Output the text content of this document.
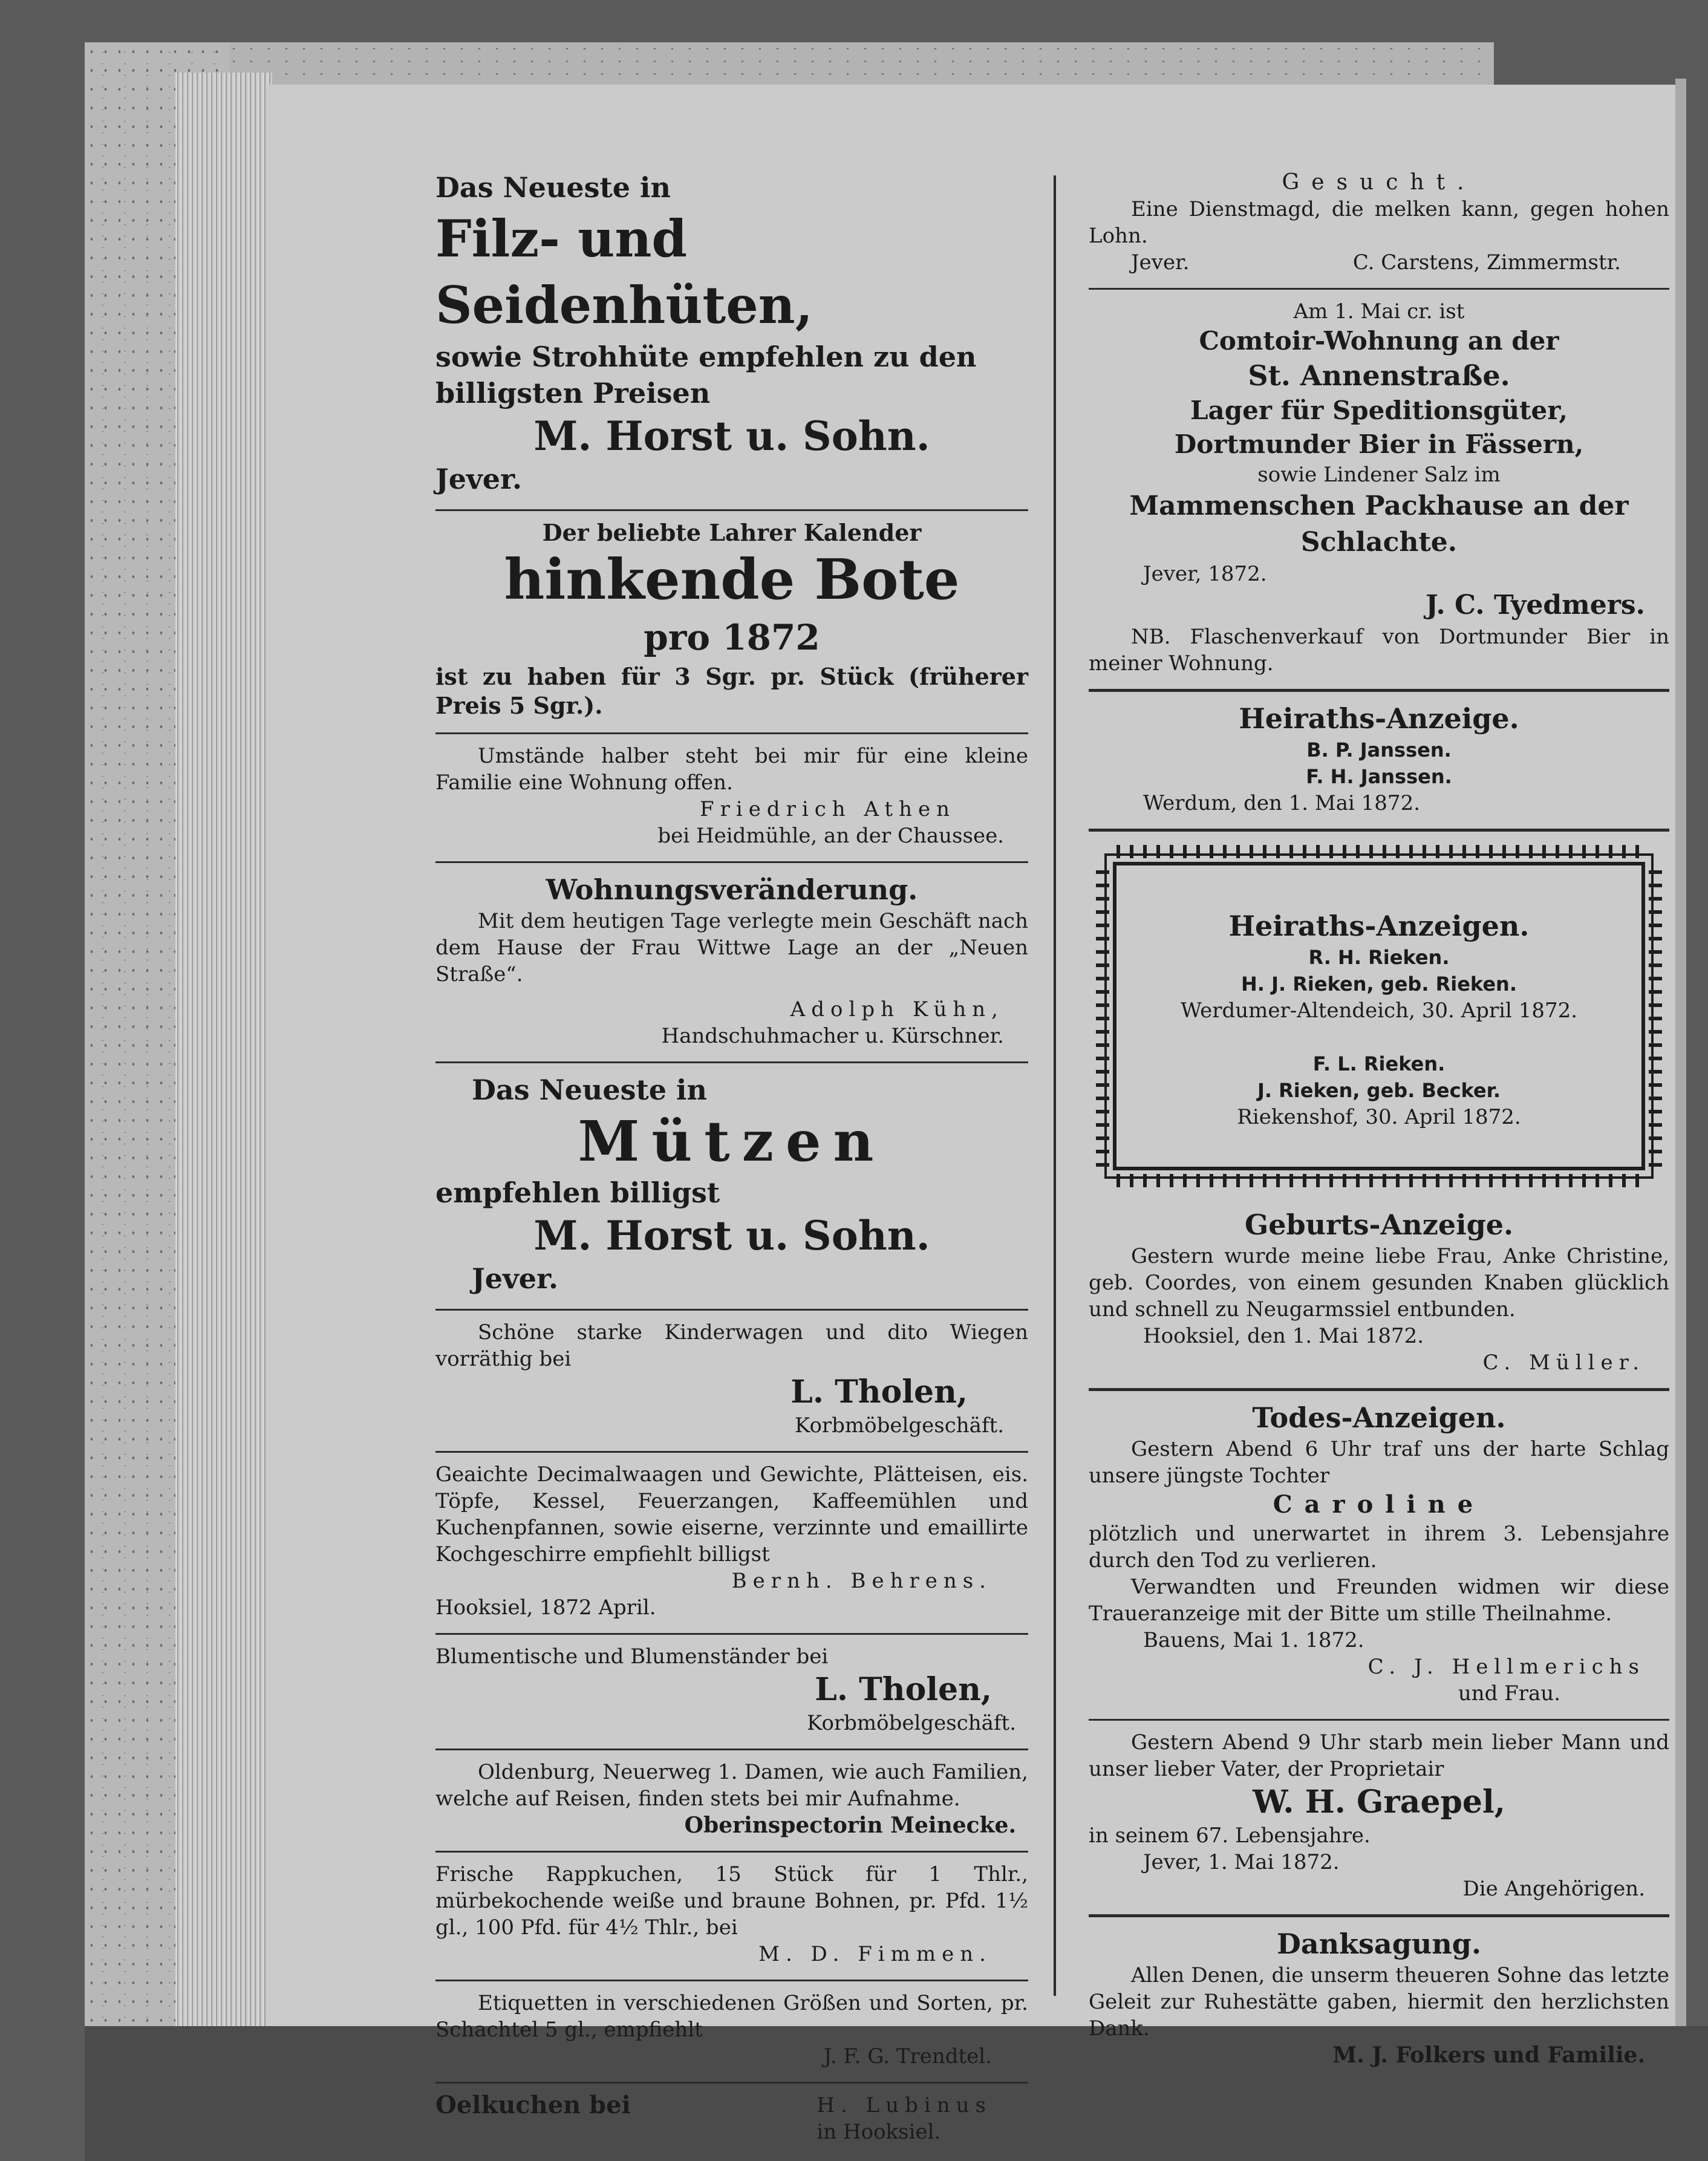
Das Neueste in
Filz- und Seidenhüten,
sowie Strohhüte empfehlen zu den
billigsten Preisen
M. Horst u. Sohn.
Jever.
Der beliebte Lahrer Kalender
hinkende Bote
pro 1872
ist zu haben für 3 Sgr. pr. Stück (früherer Preis 5 Sgr.).
Umstände halber steht bei mir für eine kleine Familie eine Wohnung offen.
Friedrich Athen
bei Heidmühle, an der Chaussee.
Wohnungsveränderung.
Mit dem heutigen Tage verlegte mein Geschäft nach dem Hause der Frau Wittwe Lage an der „Neuen Straße“.
Adolph Kühn,
Handschuhmacher u. Kürschner.
Das Neueste in
Mützen
empfehlen billigst
M. Horst u. Sohn.
Jever.
Schöne starke Kinderwagen und dito Wiegen vorräthig bei
L. Tholen,
Korbmöbelgeschäft.
Geaichte Decimalwaagen und Gewichte, Plätteisen, eis. Töpfe, Kessel, Feuerzangen, Kaffeemühlen und Kuchenpfannen, sowie eiserne, verzinnte und emaillirte Kochgeschirre empfiehlt billigst
Bernh. Behrens.
Hooksiel, 1872 April.
Blumentische und Blumenständer bei
L. Tholen,
Korbmöbelgeschäft.
Oldenburg, Neuerweg 1. Damen, wie auch Familien, welche auf Reisen, finden stets bei mir Aufnahme.
Oberinspectorin Meinecke.
Frische Rappkuchen, 15 Stück für 1 Thlr., mürbekochende weiße und braune Bohnen, pr. Pfd. 1½ gl., 100 Pfd. für 4½ Thlr., bei
M. D. Fimmen.
Etiquetten in verschiedenen Größen und Sorten, pr. Schachtel 5 gl., empfiehlt
J. F. G. Trendtel.
Oelkuchen bei	H. Lubinus
in Hooksiel.
Gesucht.
Eine Dienstmagd, die melken kann, gegen hohen Lohn.
Jever.	C. Carstens, Zimmermstr.
Am 1. Mai cr. ist
Comtoir-Wohnung an der
St. Annenstraße.
Lager für Speditionsgüter,
Dortmunder Bier in Fässern,
sowie Lindener Salz im
Mammenschen Packhause an der
Schlachte.
Jever, 1872.
J. C. Tyedmers.
NB. Flaschenverkauf von Dortmunder Bier in meiner Wohnung.
Heiraths-Anzeige.
B. P. Janssen.
F. H. Janssen.
Werdum, den 1. Mai 1872.
Heiraths-Anzeigen.
R. H. Rieken.
H. J. Rieken, geb. Rieken.
Werdumer-Altendeich, 30. April 1872.
F. L. Rieken.
J. Rieken, geb. Becker.
Riekenshof, 30. April 1872.
Geburts-Anzeige.
Gestern wurde meine liebe Frau, Anke Christine, geb. Coordes, von einem gesunden Knaben glücklich und schnell zu Neugarmssiel entbunden.
Hooksiel, den 1. Mai 1872.
C. Müller.
Todes-Anzeigen.
Gestern Abend 6 Uhr traf uns der harte Schlag unsere jüngste Tochter
Caroline
plötzlich und unerwartet in ihrem 3. Lebensjahre durch den Tod zu verlieren.
Verwandten und Freunden widmen wir diese Traueranzeige mit der Bitte um stille Theilnahme.
Bauens, Mai 1. 1872.
C. J. Hellmerichs
und Frau.
Gestern Abend 9 Uhr starb mein lieber Mann und unser lieber Vater, der Proprietair
W. H. Graepel,
in seinem 67. Lebensjahre.
Jever, 1. Mai 1872.
Die Angehörigen.
Danksagung.
Allen Denen, die unserm theueren Sohne das letzte Geleit zur Ruhestätte gaben, hiermit den herzlichsten Dank.
M. J. Folkers und Familie.
